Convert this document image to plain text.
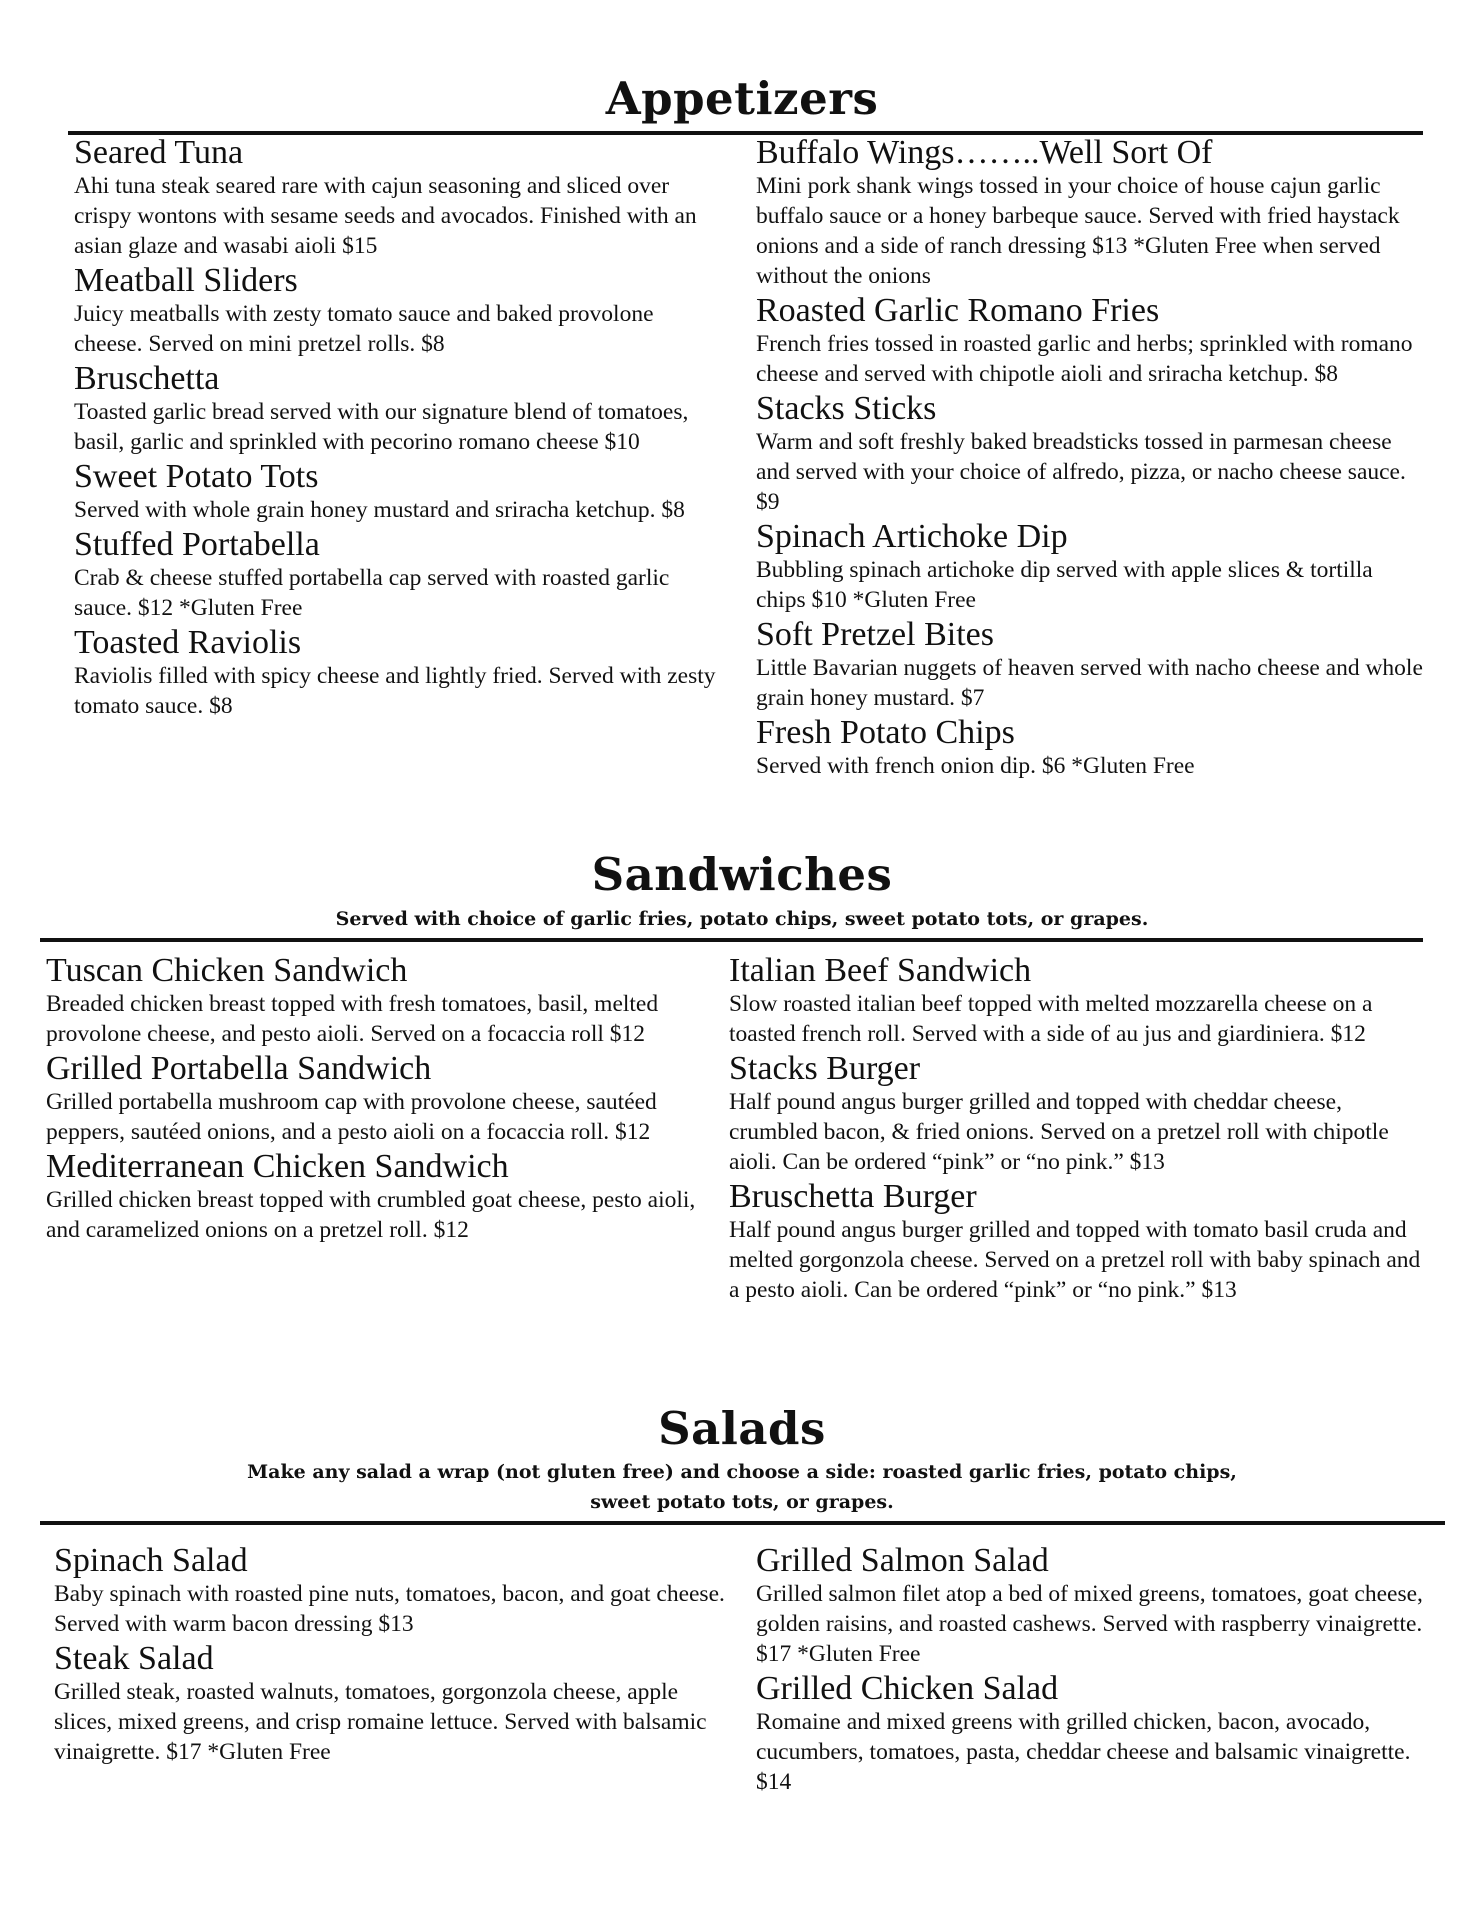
Appetizers
Seared Tuna

Ahi tuna steak seared rare with cajun seasoning and sliced over crispy wontons with sesame seeds and avocados. Finished with an asian glaze and wasabi aioli $15

Meatball Sliders

Juicy meatballs with zesty tomato sauce and baked provolone cheese. Served on mini pretzel rolls. $8

Bruschetta

Toasted garlic bread served with our signature blend of tomatoes, basil, garlic and sprinkled with pecorino romano cheese $10

Sweet Potato Tots

Served with whole grain honey mustard and sriracha ketchup. $8

Stuffed Portabella

Crab & cheese stuffed portabella cap served with roasted garlic sauce. $12 *Gluten Free

Toasted Raviolis

Raviolis filled with spicy cheese and lightly fried. Served with zesty tomato sauce. $8

Buffalo Wings……..Well Sort Of

Mini pork shank wings tossed in your choice of house cajun garlic buffalo sauce or a honey barbeque sauce. Served with fried haystack onions and a side of ranch dressing $13 *Gluten Free when served without the onions

Roasted Garlic Romano Fries

French fries tossed in roasted garlic and herbs; sprinkled with romano cheese and served with chipotle aioli and sriracha ketchup. $8

Stacks Sticks

Warm and soft freshly baked breadsticks tossed in parmesan cheese and served with your choice of alfredo, pizza, or nacho cheese sauce. $9

Spinach Artichoke Dip

Bubbling spinach artichoke dip served with apple slices & tortilla chips $10 *Gluten Free

Soft Pretzel Bites

Little Bavarian nuggets of heaven served with nacho cheese and whole grain honey mustard. $7

Fresh Potato Chips

Served with french onion dip. $6 *Gluten Free

Sandwiches

Served with choice of garlic fries, potato chips, sweet potato tots, or grapes.

Tuscan Chicken Sandwich

Breaded chicken breast topped with fresh tomatoes, basil, melted provolone cheese, and pesto aioli. Served on a focaccia roll $12

Grilled Portabella Sandwich

Grilled portabella mushroom cap with provolone cheese, sautéed peppers, sautéed onions, and a pesto aioli on a focaccia roll. $12

Mediterranean Chicken Sandwich

Grilled chicken breast topped with crumbled goat cheese, pesto aioli, and caramelized onions on a pretzel roll. $12

Italian Beef Sandwich

Slow roasted italian beef topped with melted mozzarella cheese on a toasted french roll. Served with a side of au jus and giardiniera. $12

Stacks Burger

Half pound angus burger grilled and topped with cheddar cheese, crumbled bacon, & fried onions. Served on a pretzel roll with chipotle aioli. Can be ordered “pink” or “no pink.” $13

Bruschetta Burger

Half pound angus burger grilled and topped with tomato basil cruda and melted gorgonzola cheese. Served on a pretzel roll with baby spinach and a pesto aioli. Can be ordered “pink” or “no pink.” $13

Salads

Make any salad a wrap (not gluten free) and choose a side: roasted garlic fries, potato chips,

sweet potato tots, or grapes.

Spinach Salad

Baby spinach with roasted pine nuts, tomatoes, bacon, and goat cheese. Served with warm bacon dressing $13

Steak Salad

Grilled steak, roasted walnuts, tomatoes, gorgonzola cheese, apple slices, mixed greens, and crisp romaine lettuce. Served with balsamic vinaigrette. $17 *Gluten Free

Grilled Salmon Salad

Grilled salmon filet atop a bed of mixed greens, tomatoes, goat cheese, golden raisins, and roasted cashews. Served with raspberry vinaigrette. $17 *Gluten Free

Grilled Chicken Salad

Romaine and mixed greens with grilled chicken, bacon, avocado, cucumbers, tomatoes, pasta, cheddar cheese and balsamic vinaigrette. $14
